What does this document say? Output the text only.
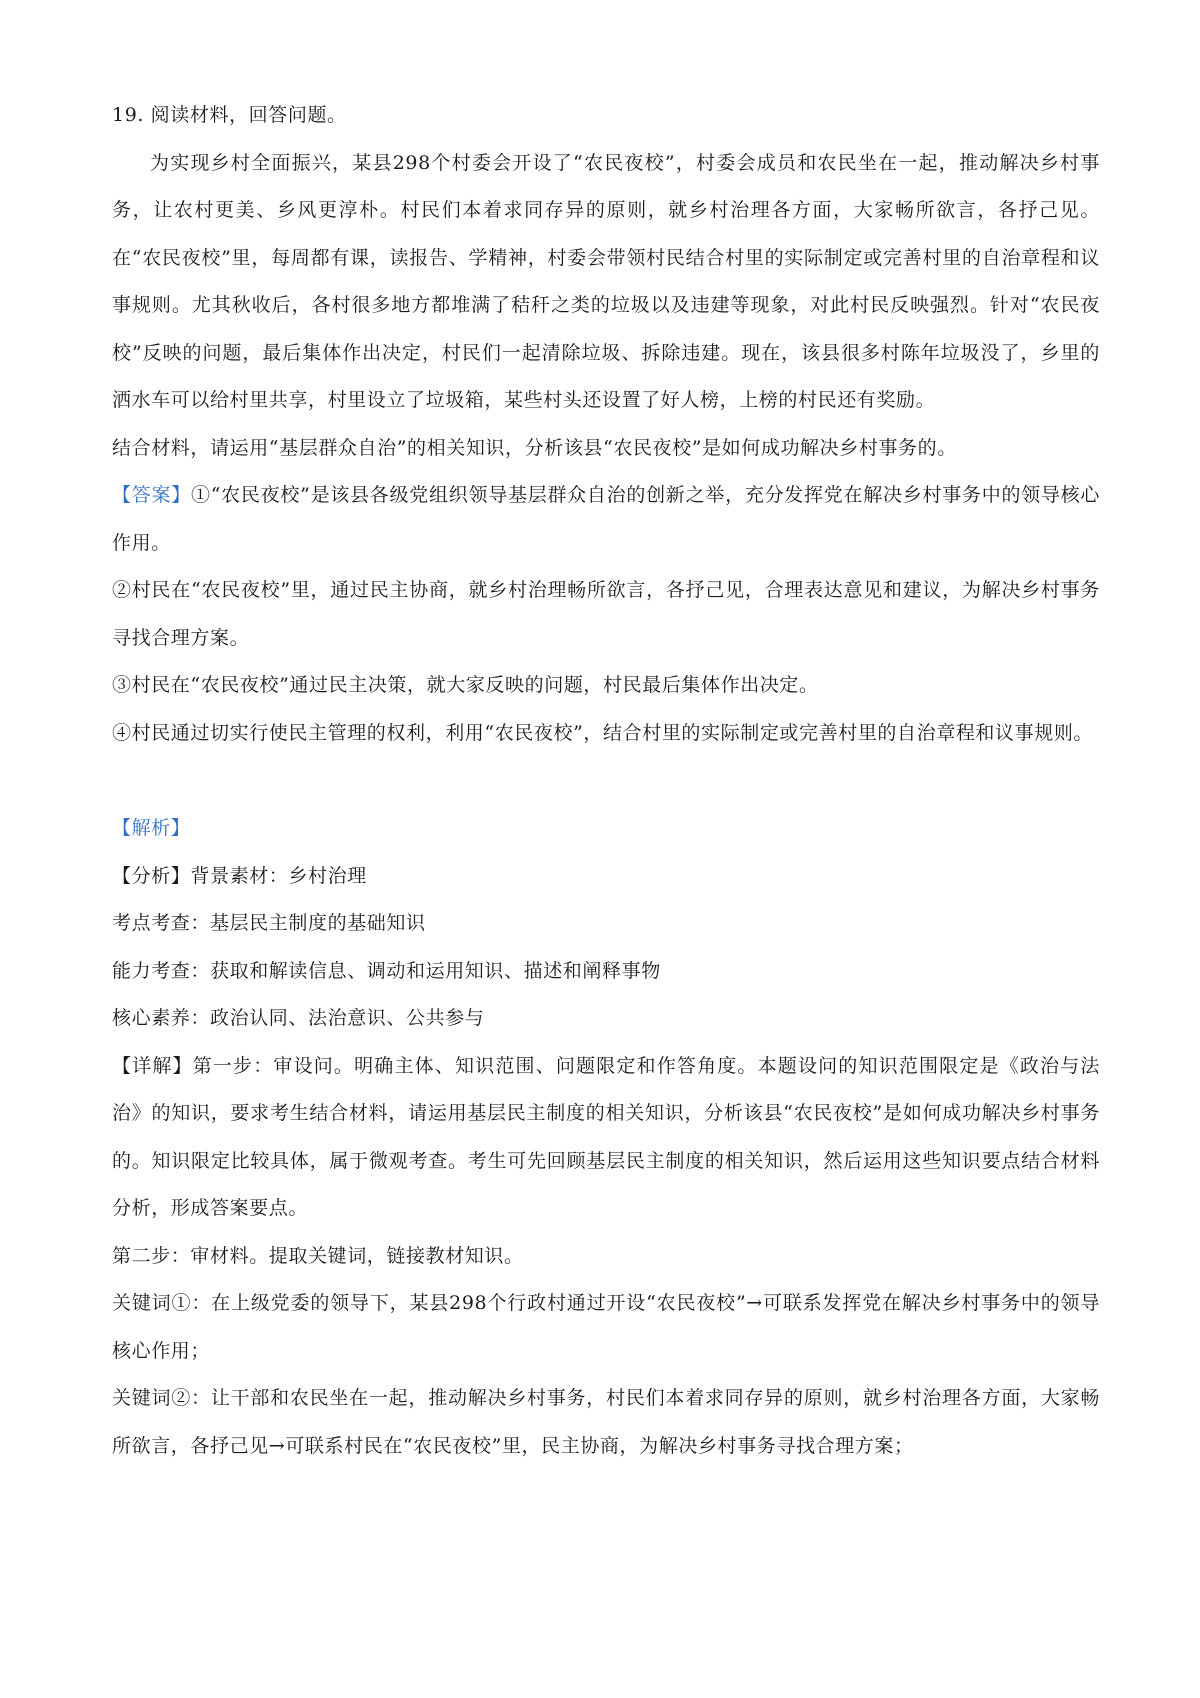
19. 阅读材料，回答问题。

为实现乡村全面振兴，某县298个村委会开设了“农民夜校”，村委会成员和农民坐在一起，推动解决乡村事务，让农村更美、乡风更淳朴。村民们本着求同存异的原则，就乡村治理各方面，大家畅所欲言，各抒己见。在“农民夜校”里，每周都有课，读报告、学精神，村委会带领村民结合村里的实际制定或完善村里的自治章程和议事规则。尤其秋收后，各村很多地方都堆满了秸秆之类的垃圾以及违建等现象，对此村民反映强烈。针对“农民夜校”反映的问题，最后集体作出决定，村民们一起清除垃圾、拆除违建。现在，该县很多村陈年垃圾没了，乡里的洒水车可以给村里共享，村里设立了垃圾箱，某些村头还设置了好人榜，上榜的村民还有奖励。

结合材料，请运用“基层群众自治”的相关知识，分析该县“农民夜校”是如何成功解决乡村事务的。

【答案】①“农民夜校”是该县各级党组织领导基层群众自治的创新之举，充分发挥党在解决乡村事务中的领导核心作用。

②村民在“农民夜校”里，通过民主协商，就乡村治理畅所欲言，各抒己见，合理表达意见和建议，为解决乡村事务寻找合理方案。

③村民在“农民夜校”通过民主决策，就大家反映的问题，村民最后集体作出决定。

④村民通过切实行使民主管理的权利，利用“农民夜校”，结合村里的实际制定或完善村里的自治章程和议事规则。

【解析】
【分析】背景素材：乡村治理
考点考查：基层民主制度的基础知识
能力考查：获取和解读信息、调动和运用知识、描述和阐释事物
核心素养：政治认同、法治意识、公共参与

【详解】第一步：审设问。明确主体、知识范围、问题限定和作答角度。本题设问的知识范围限定是《政治与法治》的知识，要求考生结合材料，请运用基层民主制度的相关知识，分析该县“农民夜校”是如何成功解决乡村事务的。知识限定比较具体，属于微观考查。考生可先回顾基层民主制度的相关知识，然后运用这些知识要点结合材料分析，形成答案要点。

第二步：审材料。提取关键词，链接教材知识。

关键词①：在上级党委的领导下，某县298个行政村通过开设“农民夜校”→可联系发挥党在解决乡村事务中的领导核心作用；

关键词②：让干部和农民坐在一起，推动解决乡村事务，村民们本着求同存异的原则，就乡村治理各方面，大家畅所欲言，各抒己见→可联系村民在“农民夜校”里，民主协商，为解决乡村事务寻找合理方案；
